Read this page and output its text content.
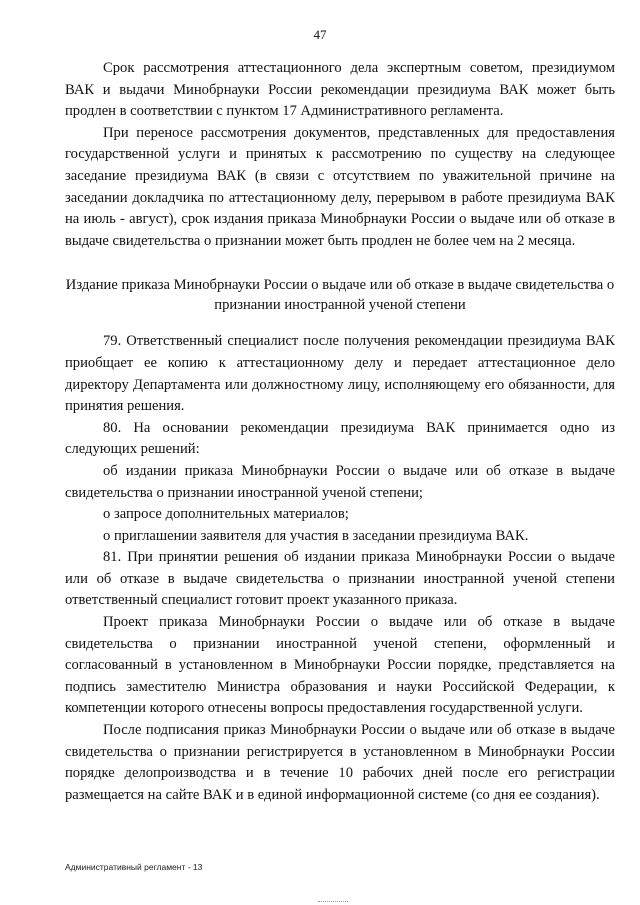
47

Срок рассмотрения аттестационного дела экспертным советом, президиумом ВАК и выдачи Минобрнауки России рекомендации президиума ВАК может быть продлен в соответствии с пунктом 17 Административного регламента.

При переносе рассмотрения документов, представленных для предоставления государственной услуги и принятых к рассмотрению по существу на следующее заседание президиума ВАК (в связи с отсутствием по уважительной причине на заседании докладчика по аттестационному делу, перерывом в работе президиума ВАК на июль - август), срок издания приказа Минобрнауки России о выдаче или об отказе в выдаче свидетельства о признании может быть продлен не более чем на 2 месяца.

Издание приказа Минобрнауки России о выдаче или об отказе в выдаче свидетельства о признании иностранной ученой степени

79. Ответственный специалист после получения рекомендации президиума ВАК приобщает ее копию к аттестационному делу и передает аттестационное дело директору Департамента или должностному лицу, исполняющему его обязанности, для принятия решения.

80. На основании рекомендации президиума ВАК принимается одно из следующих решений:

об издании приказа Минобрнауки России о выдаче или об отказе в выдаче свидетельства о признании иностранной ученой степени;

о запросе дополнительных материалов;

о приглашении заявителя для участия в заседании президиума ВАК.

81. При принятии решения об издании приказа Минобрнауки России о выдаче или об отказе в выдаче свидетельства о признании иностранной ученой степени ответственный специалист готовит проект указанного приказа.

Проект приказа Минобрнауки России о выдаче или об отказе в выдаче свидетельства о признании иностранной ученой степени, оформленный и согласованный в установленном в Минобрнауки России порядке, представляется на подпись заместителю Министра образования и науки Российской Федерации, к компетенции которого отнесены вопросы предоставления государственной услуги.

После подписания приказ Минобрнауки России о выдаче или об отказе в выдаче свидетельства о признании регистрируется в установленном в Минобрнауки России порядке делопроизводства и в течение 10 рабочих дней после его регистрации размещается на сайте ВАК и в единой информационной системе (со дня ее создания).

Административный регламент - 13
